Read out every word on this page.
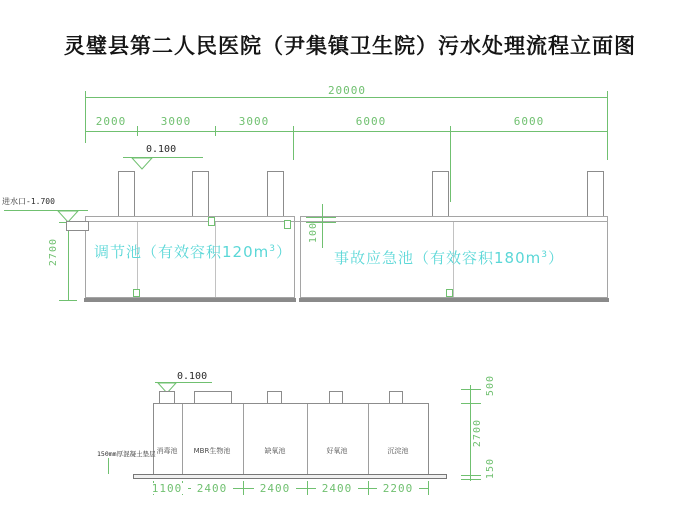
灵璧县第二人民医院（尹集镇卫生院）污水处理流程立面图
20000
2000	3000	3000	6000	6000
0.100
调节池（有效容积$120m^3$）	事故应急池（有效容积$180m^3$）
2700
100
进水口-1.700
0.100
消毒池	MBR生物池	缺氧池	好氧池	沉淀池
150mm厚混凝土垫层
1100	2400	2400	2400	2200
500
2700
150
